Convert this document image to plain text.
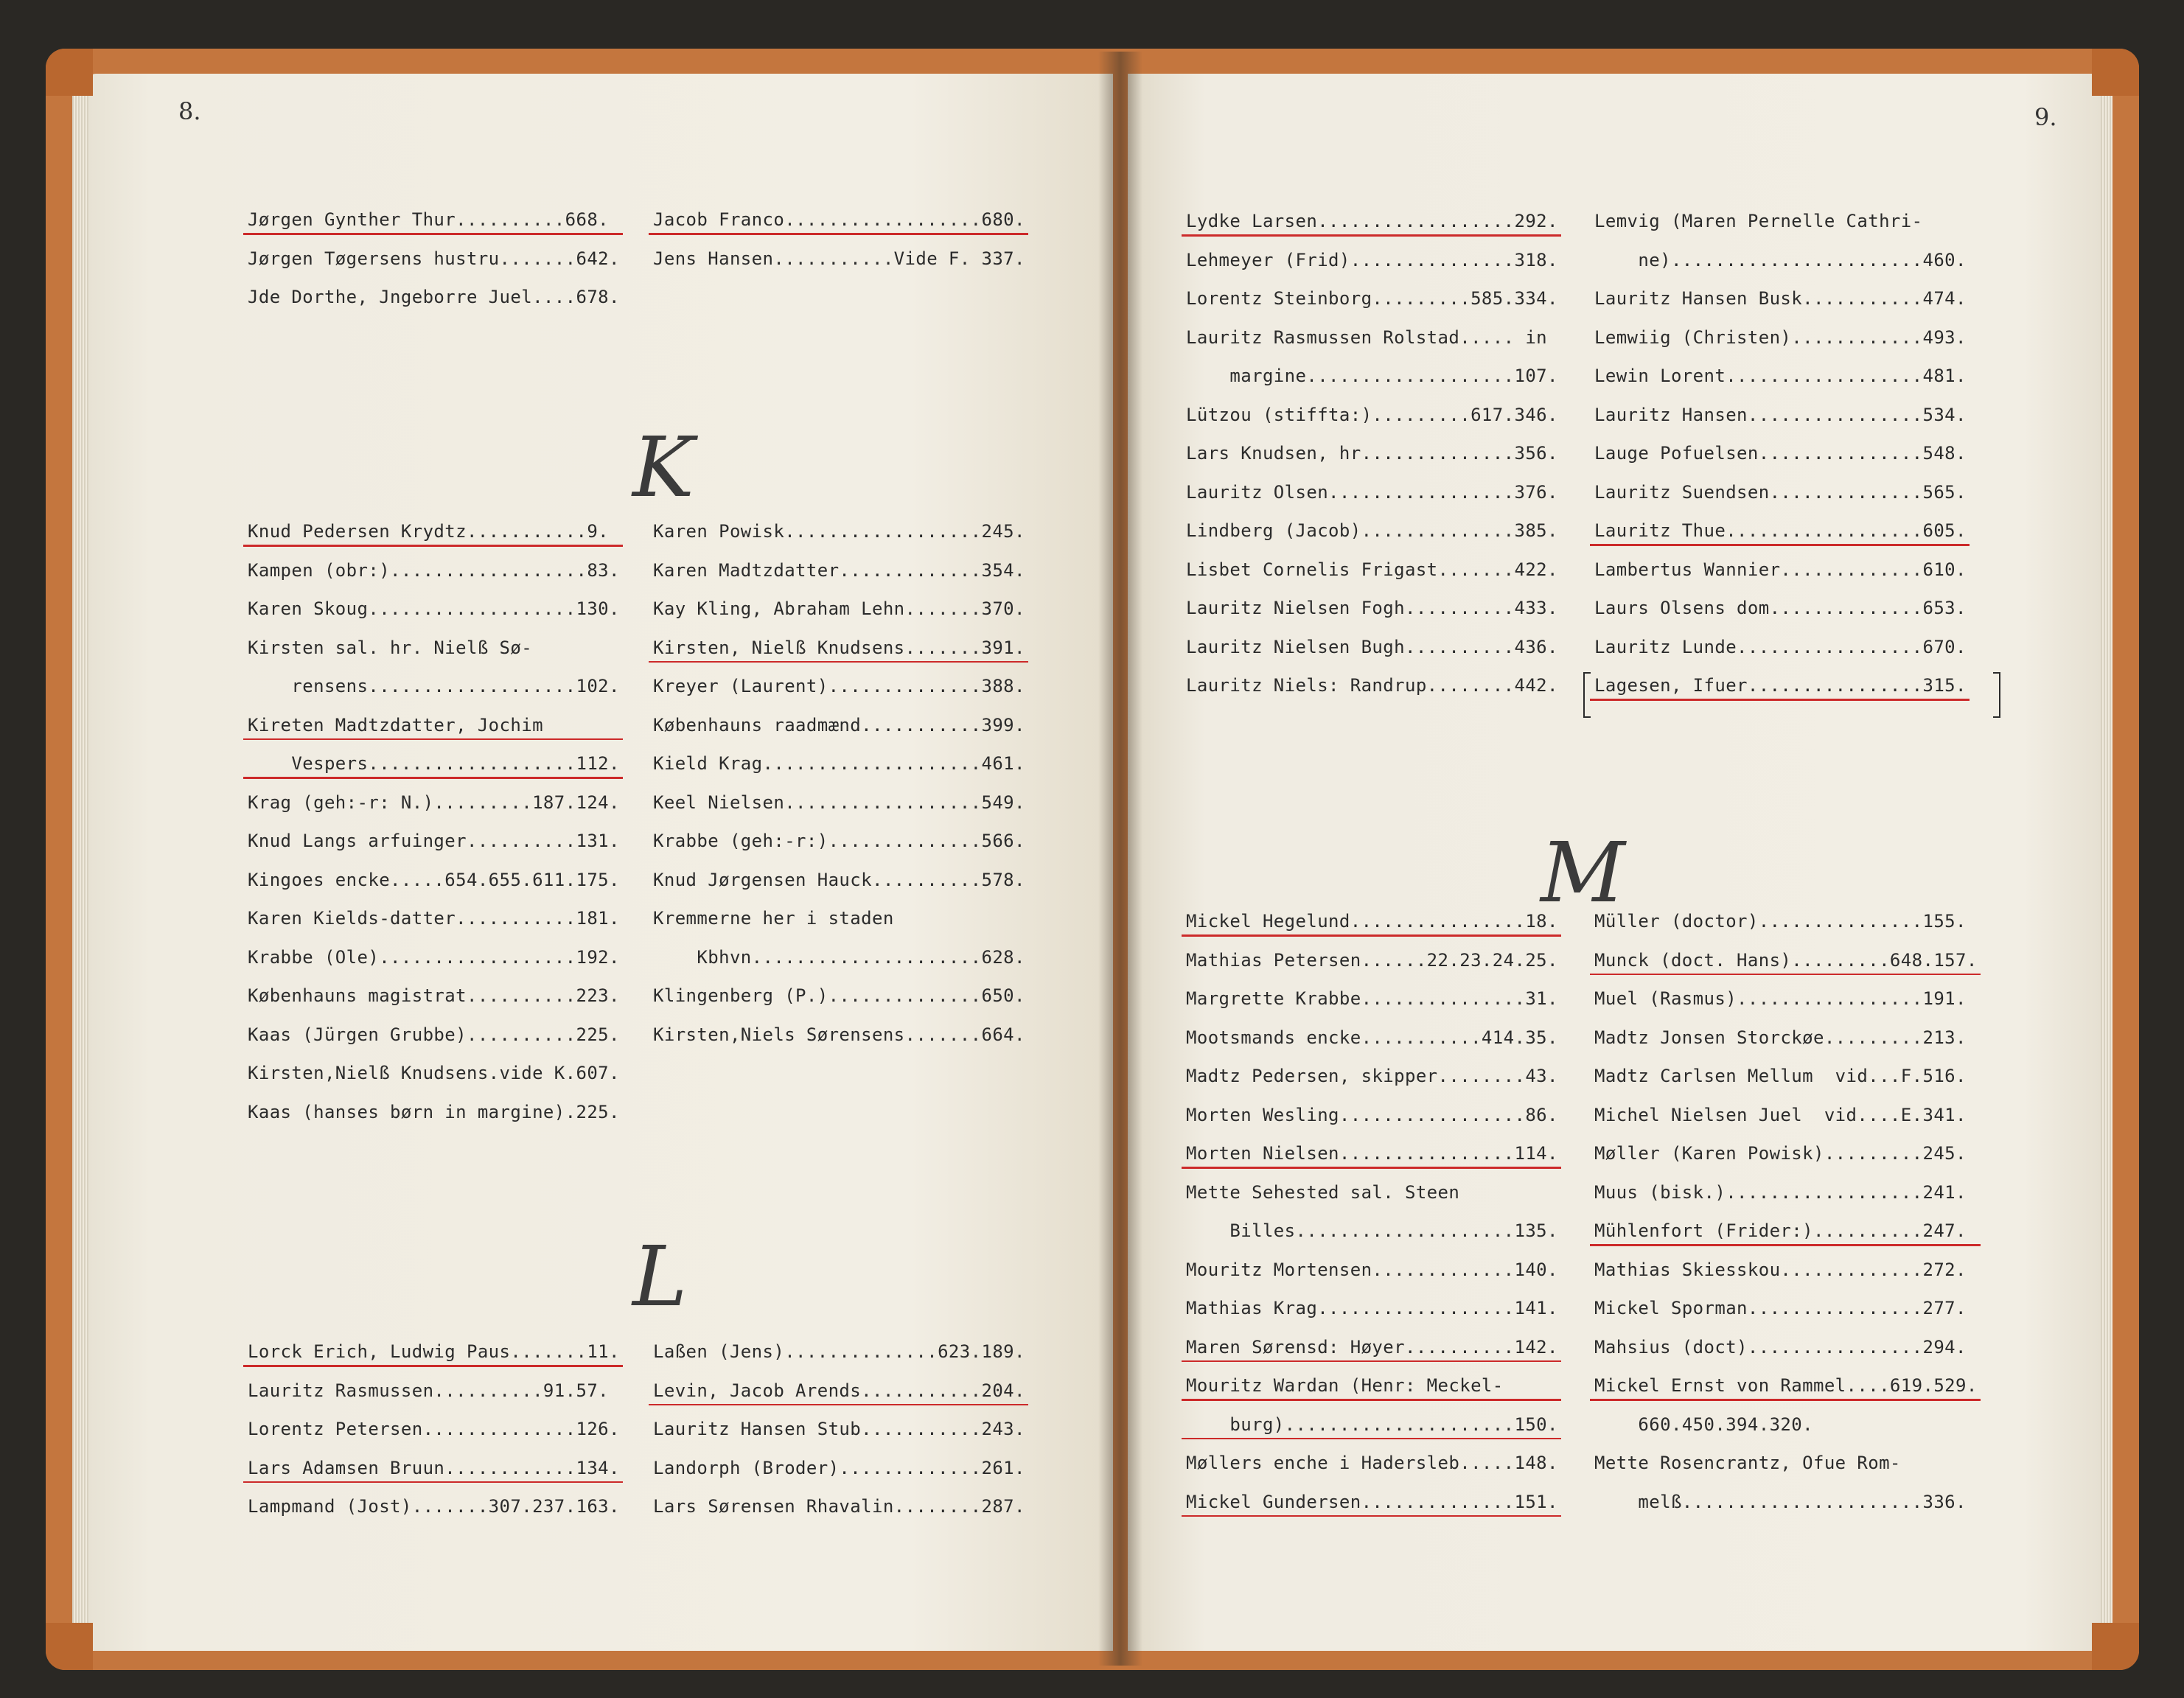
8.	9.
K
L
M
Jørgen Gynther Thur..........668.
Jørgen Tøgersens hustru.......642.
Jde Dorthe, Jngeborre Juel....678.
Jacob Franco..................680.
Jens Hansen...........Vide F. 337.
Knud Pedersen Krydtz...........9.
Kampen (obr:)..................83.
Karen Skoug...................130.
Kirsten sal. hr. Nielß Sø-
rensens...................102.
Kireten Madtzdatter, Jochim
Vespers...................112.
Krag (geh:-r: N.).........187.124.
Knud Langs arfuinger..........131.
Kingoes encke.....654.655.611.175.
Karen Kields-datter...........181.
Krabbe (Ole)..................192.
Københauns magistrat..........223.
Kaas (Jürgen Grubbe)..........225.
Kirsten,Nielß Knudsens.vide K.607.
Kaas (hanses børn in margine).225.
Karen Powisk..................245.
Karen Madtzdatter.............354.
Kay Kling, Abraham Lehn.......370.
Kirsten, Nielß Knudsens.......391.
Kreyer (Laurent)..............388.
Københauns raadmænd...........399.
Kield Krag....................461.
Keel Nielsen..................549.
Krabbe (geh:-r:)..............566.
Knud Jørgensen Hauck..........578.
Kremmerne her i staden
Kbhvn.....................628.
Klingenberg (P.)..............650.
Kirsten,Niels Sørensens.......664.
Lorck Erich, Ludwig Paus.......11.
Lauritz Rasmussen..........91.57.
Lorentz Petersen..............126.
Lars Adamsen Bruun............134.
Lampmand (Jost).......307.237.163.
Laßen (Jens)..............623.189.
Levin, Jacob Arends...........204.
Lauritz Hansen Stub...........243.
Landorph (Broder).............261.
Lars Sørensen Rhavalin........287.
Lydke Larsen..................292.
Lehmeyer (Frid)...............318.
Lorentz Steinborg.........585.334.
Lauritz Rasmussen Rolstad..... in
margine...................107.
Lützou (stiffta:).........617.346.
Lars Knudsen, hr..............356.
Lauritz Olsen.................376.
Lindberg (Jacob)..............385.
Lisbet Cornelis Frigast.......422.
Lauritz Nielsen Fogh..........433.
Lauritz Nielsen Bugh..........436.
Lauritz Niels: Randrup........442.
Lemvig (Maren Pernelle Cathri-
ne).......................460.
Lauritz Hansen Busk...........474.
Lemwiig (Christen)............493.
Lewin Lorent..................481.
Lauritz Hansen................534.
Lauge Pofuelsen...............548.
Lauritz Suendsen..............565.
Lauritz Thue..................605.
Lambertus Wannier.............610.
Laurs Olsens dom..............653.
Lauritz Lunde.................670.
Lagesen, Ifuer................315.
Mickel Hegelund................18.
Mathias Petersen......22.23.24.25.
Margrette Krabbe...............31.
Mootsmands encke...........414.35.
Madtz Pedersen, skipper........43.
Morten Wesling.................86.
Morten Nielsen................114.
Mette Sehested sal. Steen
Billes....................135.
Mouritz Mortensen.............140.
Mathias Krag..................141.
Maren Sørensd: Høyer..........142.
Mouritz Wardan (Henr: Meckel-
burg).....................150.
Møllers enche i Hadersleb.....148.
Mickel Gundersen..............151.
Müller (doctor)...............155.
Munck (doct. Hans).........648.157.
Muel (Rasmus).................191.
Madtz Jonsen Storckøe.........213.
Madtz Carlsen Mellum  vid...F.516.
Michel Nielsen Juel  vid....E.341.
Møller (Karen Powisk).........245.
Muus (bisk.)..................241.
Mühlenfort (Frider:)..........247.
Mathias Skiesskou.............272.
Mickel Sporman................277.
Mahsius (doct)................294.
Mickel Ernst von Rammel....619.529.
660.450.394.320.
Mette Rosencrantz, Ofue Rom-
melß......................336.
